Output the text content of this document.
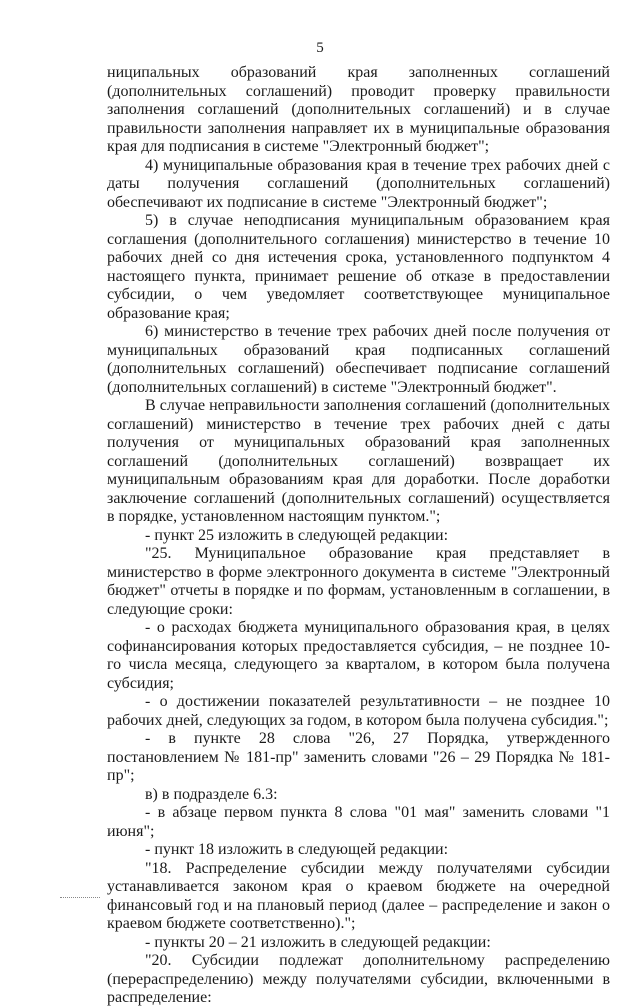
5

ниципальных образований края заполненных соглашений (дополнительных соглашений) проводит проверку правильности заполнения соглашений (дополнительных соглашений) и в случае правильности заполнения направляет их в муниципальные образования края для подписания в системе "Электронный бюджет";

4) муниципальные образования края в течение трех рабочих дней с даты получения соглашений (дополнительных соглашений) обеспечивают их подписание в системе "Электронный бюджет";

5) в случае неподписания муниципальным образованием края соглашения (дополнительного соглашения) министерство в течение 10 рабочих дней со дня истечения срока, установленного подпунктом 4 настоящего пункта, принимает решение об отказе в предоставлении субсидии, о чем уведомляет соответствующее муниципальное образование края;

6) министерство в течение трех рабочих дней после получения от муниципальных образований края подписанных соглашений (дополнительных соглашений) обеспечивает подписание соглашений (дополнительных соглашений) в системе "Электронный бюджет".

В случае неправильности заполнения соглашений (дополнительных соглашений) министерство в течение трех рабочих дней с даты получения от муниципальных образований края заполненных соглашений (дополнительных соглашений) возвращает их муниципальным образованиям края для доработки. После доработки заключение соглашений (дополнительных соглашений) осуществляется в порядке, установленном настоящим пунктом.";

- пункт 25 изложить в следующей редакции:

"25. Муниципальное образование края представляет в министерство в форме электронного документа в системе "Электронный бюджет" отчеты в порядке и по формам, установленным в соглашении, в следующие сроки:

- о расходах бюджета муниципального образования края, в целях софинансирования которых предоставляется субсидия, – не позднее 10-го числа месяца, следующего за кварталом, в котором была получена субсидия;

- о достижении показателей результативности – не позднее 10 рабочих дней, следующих за годом, в котором была получена субсидия.";

- в пункте 28 слова "26, 27 Порядка, утвержденного постановлением № 181-пр" заменить словами "26 – 29 Порядка № 181-пр";

в) в подразделе 6.3:

- в абзаце первом пункта 8 слова "01 мая" заменить словами "1 июня";

- пункт 18 изложить в следующей редакции:

"18. Распределение субсидии между получателями субсидии устанавливается законом края о краевом бюджете на очередной финансовый год и на плановый период (далее – распределение и закон о краевом бюджете соответственно).";

- пункты 20 – 21 изложить в следующей редакции:

"20. Субсидии подлежат дополнительному распределению (перераспределению) между получателями субсидии, включенными в распределение:
